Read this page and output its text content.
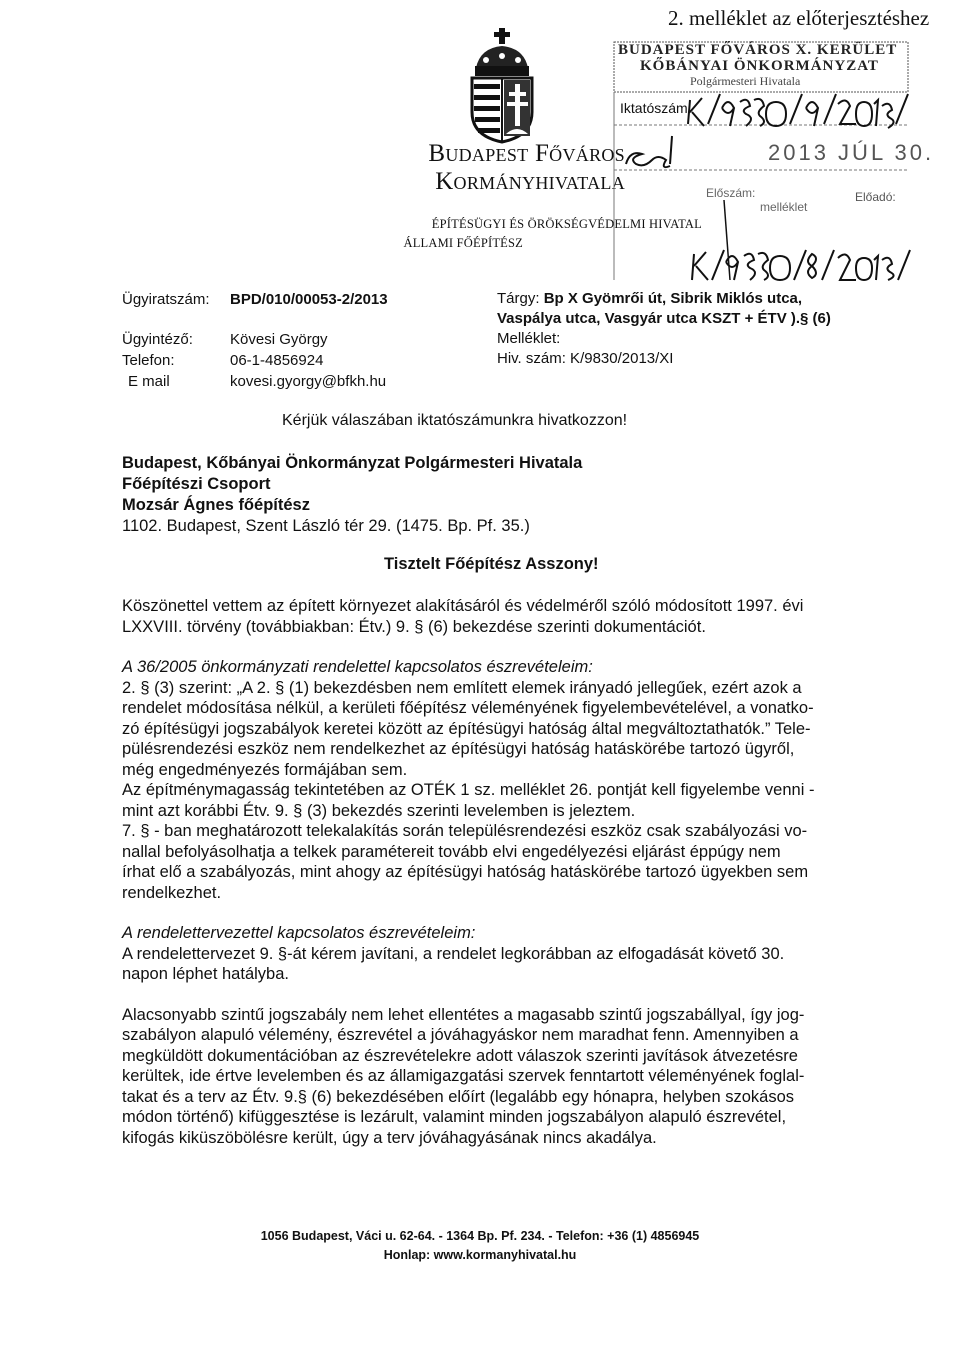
2. melléklet az előterjesztéshez
Budapest Főváros
Kormányhivatala
ÉPÍTÉSÜGYI ÉS ÖRÖKSÉGVÉDELMI HIVATAL
ÁLLAMI FŐÉPÍTÉSZ
BUDAPEST FŐVÁROS X. KERÜLET
KŐBÁNYAI ÖNKORMÁNYZAT
Polgármesteri Hivatala
Iktatószám:
2013 JÚL 30.
Előszám:
melléklet
Előadó:
Ügyiratszám:	BPD/010/00053-2/2013
Ügyintéző:	Kövesi György
Telefon:	06-1-4856924
E mail	kovesi.gyorgy@bfkh.hu
Tárgy: Bp X Gyömrői út, Sibrik Miklós utca,
Vaspálya utca, Vasgyár utca KSZT + ÉTV ).§ (6)
Melléklet:
Hiv. szám: K/9830/2013/XI
Kérjük válaszában iktatószámunkra hivatkozzon!
Budapest, Kőbányai Önkormányzat Polgármesteri Hivatala
Főépítészi Csoport
Mozsár Ágnes főépítész
1102. Budapest, Szent László tér 29. (1475. Bp. Pf. 35.)
Tisztelt Főépítész Asszony!

Köszönettel vettem az épített környezet alakításáról és védelméről szóló módosított 1997. évi

LXXVIII. törvény (továbbiakban: Étv.) 9. § (6) bekezdése szerinti dokumentációt.

A 36/2005 önkormányzati rendelettel kapcsolatos észrevételeim:

2. § (3) szerint: „A 2. § (1) bekezdésben nem említett elemek irányadó jellegűek, ezért azok a

rendelet módosítása nélkül, a kerületi főépítész véleményének figyelembevételével, a vonatko-

zó építésügyi jogszabályok keretei között az építésügyi hatóság által megváltoztathatók.” Tele-

pülésrendezési eszköz nem rendelkezhet az építésügyi hatóság hatáskörébe tartozó ügyről,

még engedményezés formájában sem.

Az építménymagasság tekintetében az OTÉK 1 sz. melléklet 26. pontját kell figyelembe venni -

mint azt korábbi Étv. 9. § (3) bekezdés szerinti levelemben is jeleztem.

7. § - ban meghatározott telekalakítás során településrendezési eszköz csak szabályozási vo-

nallal befolyásolhatja a telkek paramétereit tovább elvi engedélyezési eljárást éppúgy nem

írhat elő a szabályozás, mint ahogy az építésügyi hatóság hatáskörébe tartozó ügyekben sem

rendelkezhet.

A rendelettervezettel kapcsolatos észrevételeim:

A rendelettervezet 9. §-át kérem javítani, a rendelet legkorábban az elfogadását követő 30.

napon léphet hatályba.

Alacsonyabb szintű jogszabály nem lehet ellentétes a magasabb szintű jogszabállyal, így jog-

szabályon alapuló vélemény, észrevétel a jóváhagyáskor nem maradhat fenn. Amennyiben a

megküldött dokumentációban az észrevételekre adott válaszok szerinti javítások átvezetésre

kerültek, ide értve levelemben és az államigazgatási szervek fenntartott véleményének foglal-

takat és a terv az Étv. 9.§ (6) bekezdésében előírt (legalább egy hónapra, helyben szokásos

módon történő) kifüggesztése is lezárult, valamint minden jogszabályon alapuló észrevétel,

kifogás kiküszöbölésre került, úgy a terv jóváhagyásának nincs akadálya.

1056 Budapest, Váci u. 62-64. - 1364 Bp. Pf. 234. - Telefon: +36 (1) 4856945
Honlap: www.kormanyhivatal.hu
